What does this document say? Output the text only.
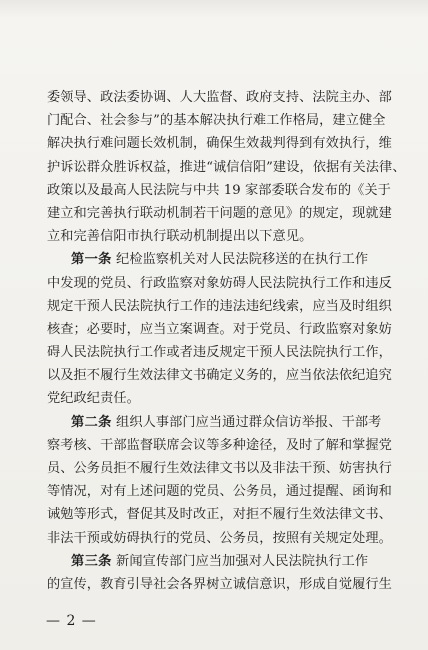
委领导、政法委协调、人大监督、政府支持、法院主办、部
门配合、社会参与”的基本解决执行难工作格局，建立健全
解决执行难问题长效机制，确保生效裁判得到有效执行，维
护诉讼群众胜诉权益，推进“诚信信阳”建设，依据有关法律、
政策以及最高人民法院与中共 19 家部委联合发布的《关于
建立和完善执行联动机制若干问题的意见》的规定，现就建
立和完善信阳市执行联动机制提出以下意见。
第一条 纪检监察机关对人民法院移送的在执行工作
中发现的党员、行政监察对象妨碍人民法院执行工作和违反
规定干预人民法院执行工作的违法违纪线索，应当及时组织
核查；必要时，应当立案调查。对于党员、行政监察对象妨
碍人民法院执行工作或者违反规定干预人民法院执行工作，
以及拒不履行生效法律文书确定义务的，应当依法依纪追究
党纪政纪责任。
第二条 组织人事部门应当通过群众信访举报、干部考
察考核、干部监督联席会议等多种途径，及时了解和掌握党
员、公务员拒不履行生效法律文书以及非法干预、妨害执行
等情况，对有上述问题的党员、公务员，通过提醒、函询和
诫勉等形式，督促其及时改正，对拒不履行生效法律文书、
非法干预或妨碍执行的党员、公务员，按照有关规定处理。
第三条 新闻宣传部门应当加强对人民法院执行工作
的宣传，教育引导社会各界树立诚信意识，形成自觉履行生
— 2 —
